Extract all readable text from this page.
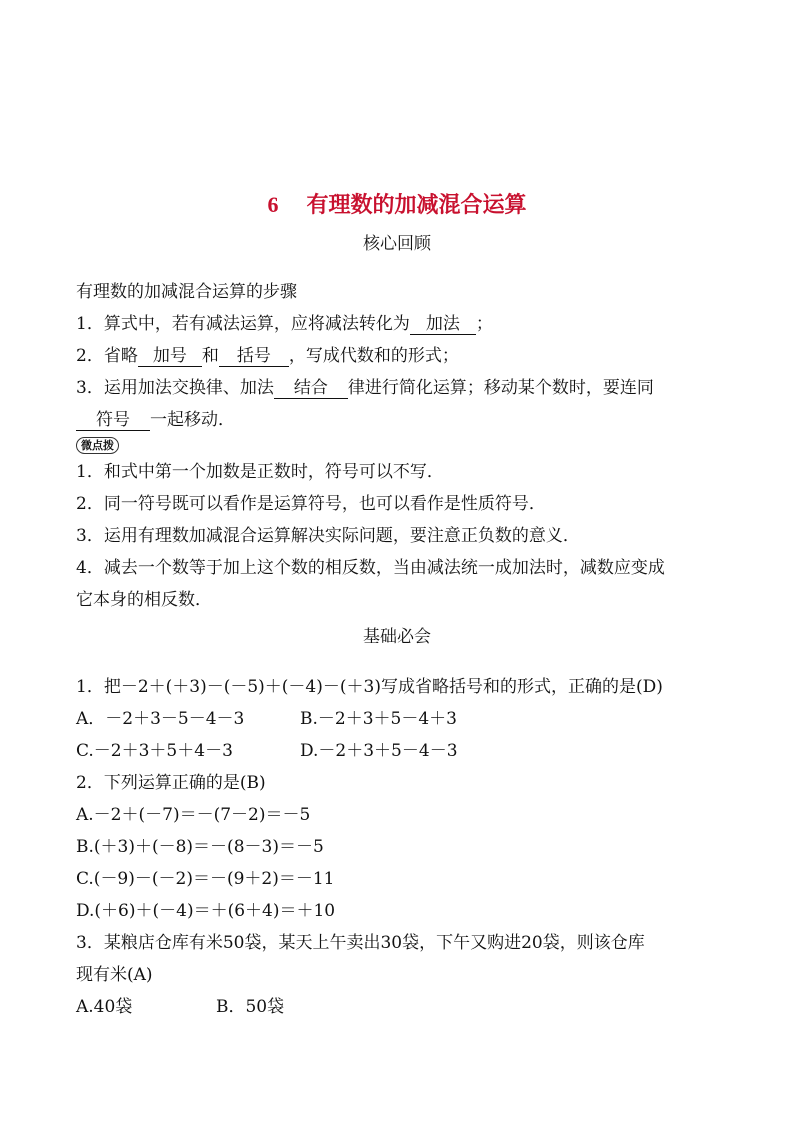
6 有理数的加减混合运算
核心回顾
有理数的加减混合运算的步骤
1．算式中，若有减法运算，应将减法转化为 加法 ；
2．省略 加号 和 括号 ，写成代数和的形式；
3．运用加法交换律、加法 结合 律进行简化运算；移动某个数时，要连同
符号 一起移动．
微点拨
1．和式中第一个加数是正数时，符号可以不写．
2．同一符号既可以看作是运算符号，也可以看作是性质符号．
3．运用有理数加减混合运算解决实际问题，要注意正负数的意义．
4．减去一个数等于加上这个数的相反数，当由减法统一成加法时，减数应变成
它本身的相反数．
基础必会
1．把－2＋(＋3)－(－5)＋(－4)－(＋3)写成省略括号和的形式，正确的是(D)
A．－2＋3－5－4－3	B.－2＋3＋5－4＋3
C.－2＋3＋5＋4－3	D.－2＋3＋5－4－3
2．下列运算正确的是(B)
A.－2＋(－7)＝－(7－2)＝－5
B.(＋3)＋(－8)＝－(8－3)＝－5
C.(－9)－(－2)＝－(9＋2)＝－11
D.(＋6)＋(－4)＝＋(6＋4)＝＋10
3．某粮店仓库有米50袋，某天上午卖出30袋，下午又购进20袋，则该仓库
现有米(A)
A.40袋	B．50袋
